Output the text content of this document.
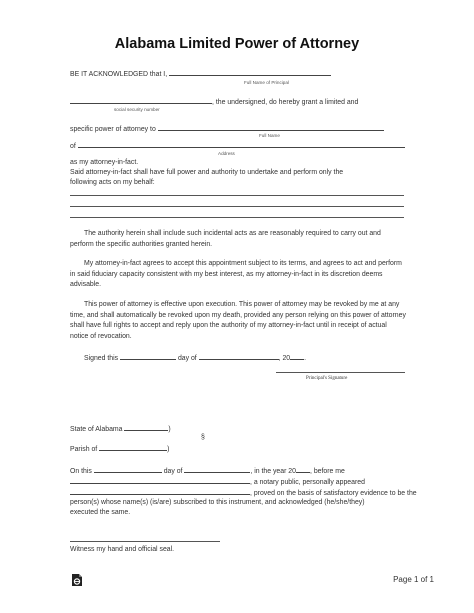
Alabama Limited Power of Attorney
BE IT ACKNOWLEDGED that I,
Full Name of Principal
, the undersigned, do hereby grant a limited and
social security number
specific power of attorney to
Full Name
of
Address
as my attorney-in-fact.
Said attorney-in-fact shall have full power and authority to undertake and perform only the
following acts on my behalf:

The authority herein shall include such incidental acts as are reasonably required to carry out and perform the specific authorities granted herein.

My attorney-in-fact agrees to accept this appointment subject to its terms, and agrees to act and perform in said fiduciary capacity consistent with my best interest, as my attorney-in-fact in its discretion deems advisable.

This power of attorney is effective upon execution. This power of attorney may be revoked by me at any time, and shall automatically be revoked upon my death, provided any person relying on this power of attorney shall have full rights to accept and reply upon the authority of my attorney-in-fact until in receipt of actual notice of revocation.

Signed this	day of	, 20 .
Principal's Signature
State of Alabama	)
§
Parish of	)
On this	day of	, in the year 20 , before me
, a notary public, personally appeared
, proved on the basis of satisfactory evidence to be the
person(s) whose name(s) (is/are) subscribed to this instrument, and acknowledged (he/she/they)
executed the same.
Witness my hand and official seal.
Page 1 of 1
